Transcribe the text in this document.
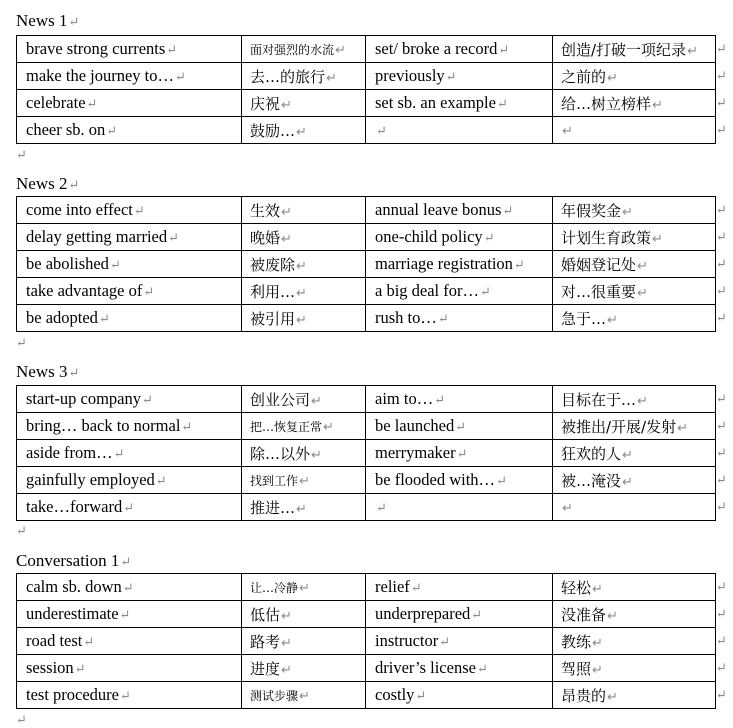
News 1↵
↵
↵
↵
↵
brave strong currents↵	面对强烈的水流↵	set/ broke a record↵	创造/打破一项纪录↵
make the journey to…↵	去…的旅行↵	previously↵	之前的↵
celebrate↵	庆祝↵	set sb. an example↵	给…树立榜样↵
cheer sb. on↵	鼓励…↵	↵	↵
↵
News 2↵
↵
↵
↵
↵
↵
come into effect↵	生效↵	annual leave bonus↵	年假奖金↵
delay getting married↵	晚婚↵	one-child policy↵	计划生育政策↵
be abolished↵	被废除↵	marriage registration↵	婚姻登记处↵
take advantage of↵	利用…↵	a big deal for…↵	对…很重要↵
be adopted↵	被引用↵	rush to…↵	急于…↵
↵
News 3↵
↵
↵
↵
↵
↵
start-up company↵	创业公司↵	aim to…↵	目标在于…↵
bring… back to normal↵	把…恢复正常↵	be launched↵	被推出/开展/发射↵
aside from…↵	除…以外↵	merrymaker↵	狂欢的人↵
gainfully employed↵	找到工作↵	be flooded with…↵	被…淹没↵
take…forward↵	推进…↵	↵	↵
↵
Conversation 1↵
↵
↵
↵
↵
↵
calm sb. down↵	让…冷静↵	relief↵	轻松↵
underestimate↵	低估↵	underprepared↵	没准备↵
road test↵	路考↵	instructor↵	教练↵
session↵	进度↵	driver’s license↵	驾照↵
test procedure↵	测试步骤↵	costly↵	昂贵的↵
↵
